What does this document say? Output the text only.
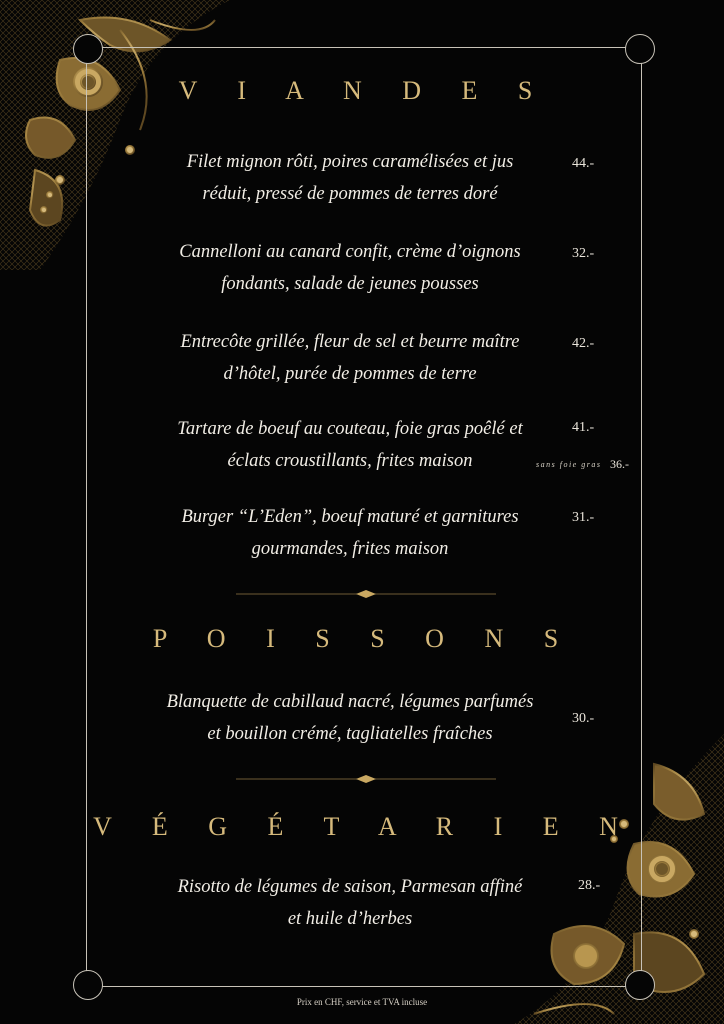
V I A N D E S
Filet mignon rôti, poires caramélisées et jus
réduit, pressé de pommes de terres doré
44.-
Cannelloni au canard confit, crème d’oignons
fondants, salade de jeunes pousses
32.-
Entrecôte grillée, fleur de sel et beurre maître
d’hôtel, purée de pommes de terre
42.-
Tartare de boeuf au couteau, foie gras poêlé et
éclats croustillants, frites maison
41.-
sans foie gras 36.-
Burger “L’Eden”, boeuf maturé et garnitures
gourmandes, frites maison
31.-
P O I S S O N S
Blanquette de cabillaud nacré, légumes parfumés
et bouillon crémé, tagliatelles fraîches
30.-
V É G É T A R I E N
Risotto de légumes de saison, Parmesan affiné
et huile d’herbes
28.-
Prix en CHF, service et TVA incluse
